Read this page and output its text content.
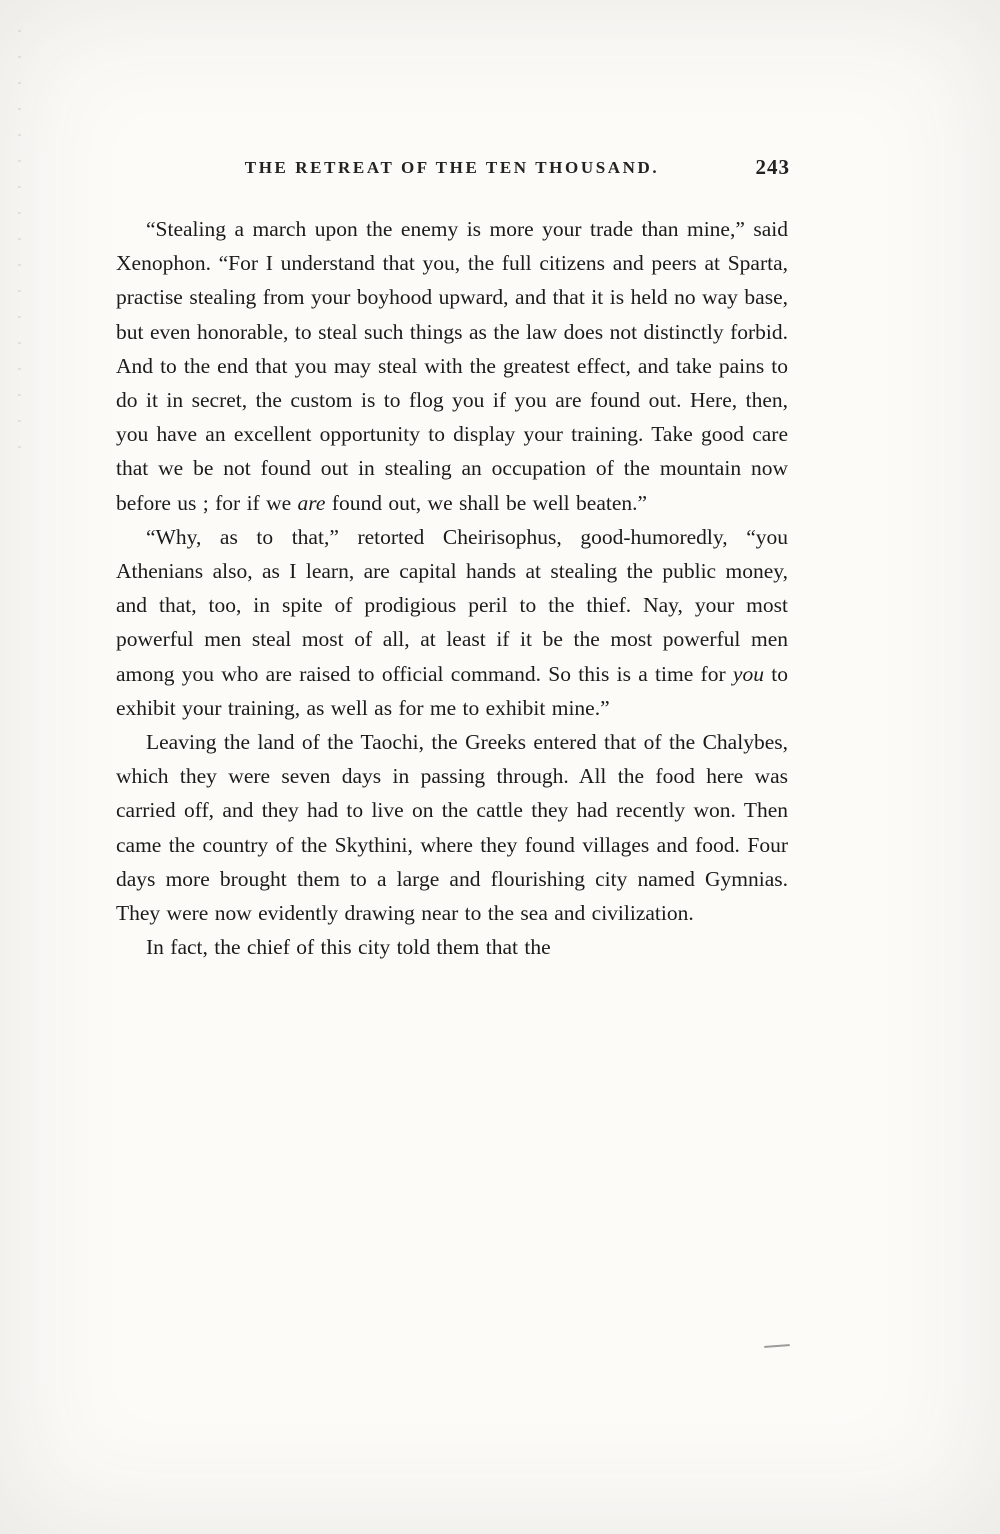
THE RETREAT OF THE TEN THOUSAND.	243

“Stealing a march upon the enemy is more your trade than mine,” said Xenophon. “For I understand that you, the full citizens and peers at Sparta, practise stealing from your boyhood upward, and that it is held no way base, but even honorable, to steal such things as the law does not distinctly forbid. And to the end that you may steal with the greatest effect, and take pains to do it in secret, the custom is to flog you if you are found out. Here, then, you have an excellent opportunity to display your training. Take good care that we be not found out in stealing an occupation of the mountain now before us ; for if we are found out, we shall be well beaten.”

“Why, as to that,” retorted Cheirisophus, good-humoredly, “you Athenians also, as I learn, are capital hands at stealing the public money, and that, too, in spite of prodigious peril to the thief. Nay, your most powerful men steal most of all, at least if it be the most powerful men among you who are raised to official command. So this is a time for you to exhibit your training, as well as for me to exhibit mine.”

Leaving the land of the Taochi, the Greeks entered that of the Chalybes, which they were seven days in passing through. All the food here was carried off, and they had to live on the cattle they had recently won. Then came the country of the Skythini, where they found villages and food. Four days more brought them to a large and flourishing city named Gymnias. They were now evidently drawing near to the sea and civilization.

In fact, the chief of this city told them that the
